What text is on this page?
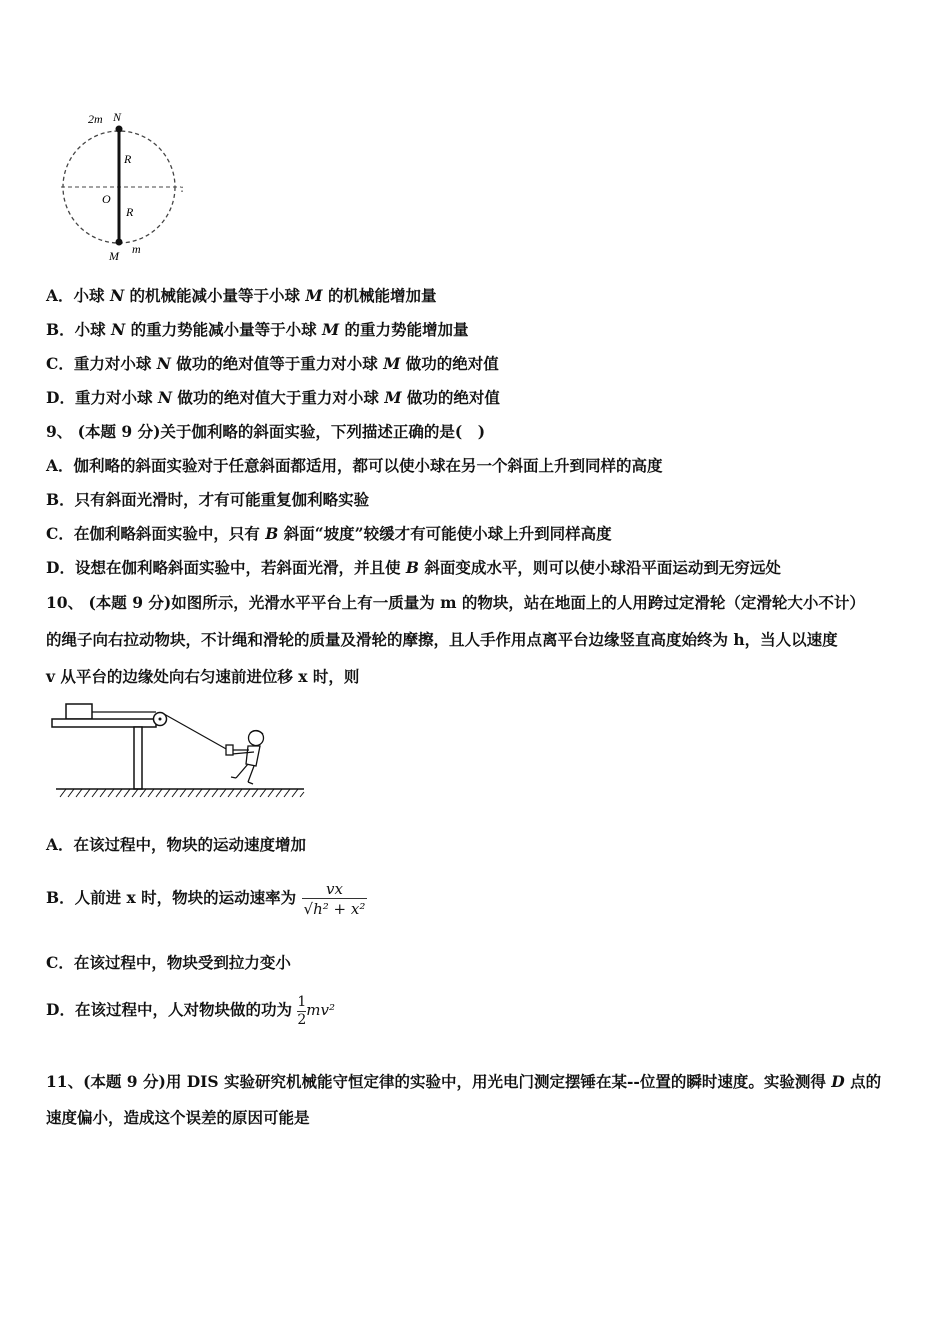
:
2m N
R
O
R
M m
A．小球 N 的机械能减小量等于小球 M 的机械能增加量
B．小球 N 的重力势能减小量等于小球 M 的重力势能增加量
C．重力对小球 N 做功的绝对值等于重力对小球 M 做功的绝对值
D．重力对小球 N 做功的绝对值大于重力对小球 M 做功的绝对值
9、 (本题 9 分)关于伽利略的斜面实验，下列描述正确的是(　)
A．伽利略的斜面实验对于任意斜面都适用，都可以使小球在另一个斜面上升到同样的高度
B．只有斜面光滑时，才有可能重复伽利略实验
C．在伽利略斜面实验中，只有 B 斜面“坡度”较缓才有可能使小球上升到同样高度
D．设想在伽利略斜面实验中，若斜面光滑，并且使 B 斜面变成水平，则可以使小球沿平面运动到无穷远处
10、 (本题 9 分)如图所示，光滑水平平台上有一质量为 m 的物块，站在地面上的人用跨过定滑轮（定滑轮大小不计）
的绳子向右拉动物块，不计绳和滑轮的质量及滑轮的摩擦，且人手作用点离平台边缘竖直高度始终为 h，当人以速度
v 从平台的边缘处向右匀速前进位移 x 时，则
A．在该过程中，物块的运动速度增加
B．人前进 x 时，物块的运动速率为 $\frac{vx}{\text{√h² + x²}}$
C．在该过程中，物块受到拉力变小
D．在该过程中，人对物块做的功为 $\frac{1}{2} mv^2$
11、(本题 9 分)用 DIS 实验研究机械能守恒定律的实验中，用光电门测定摆锤在某--位置的瞬时速度。实验测得 D 点的
速度偏小，造成这个误差的原因可能是
